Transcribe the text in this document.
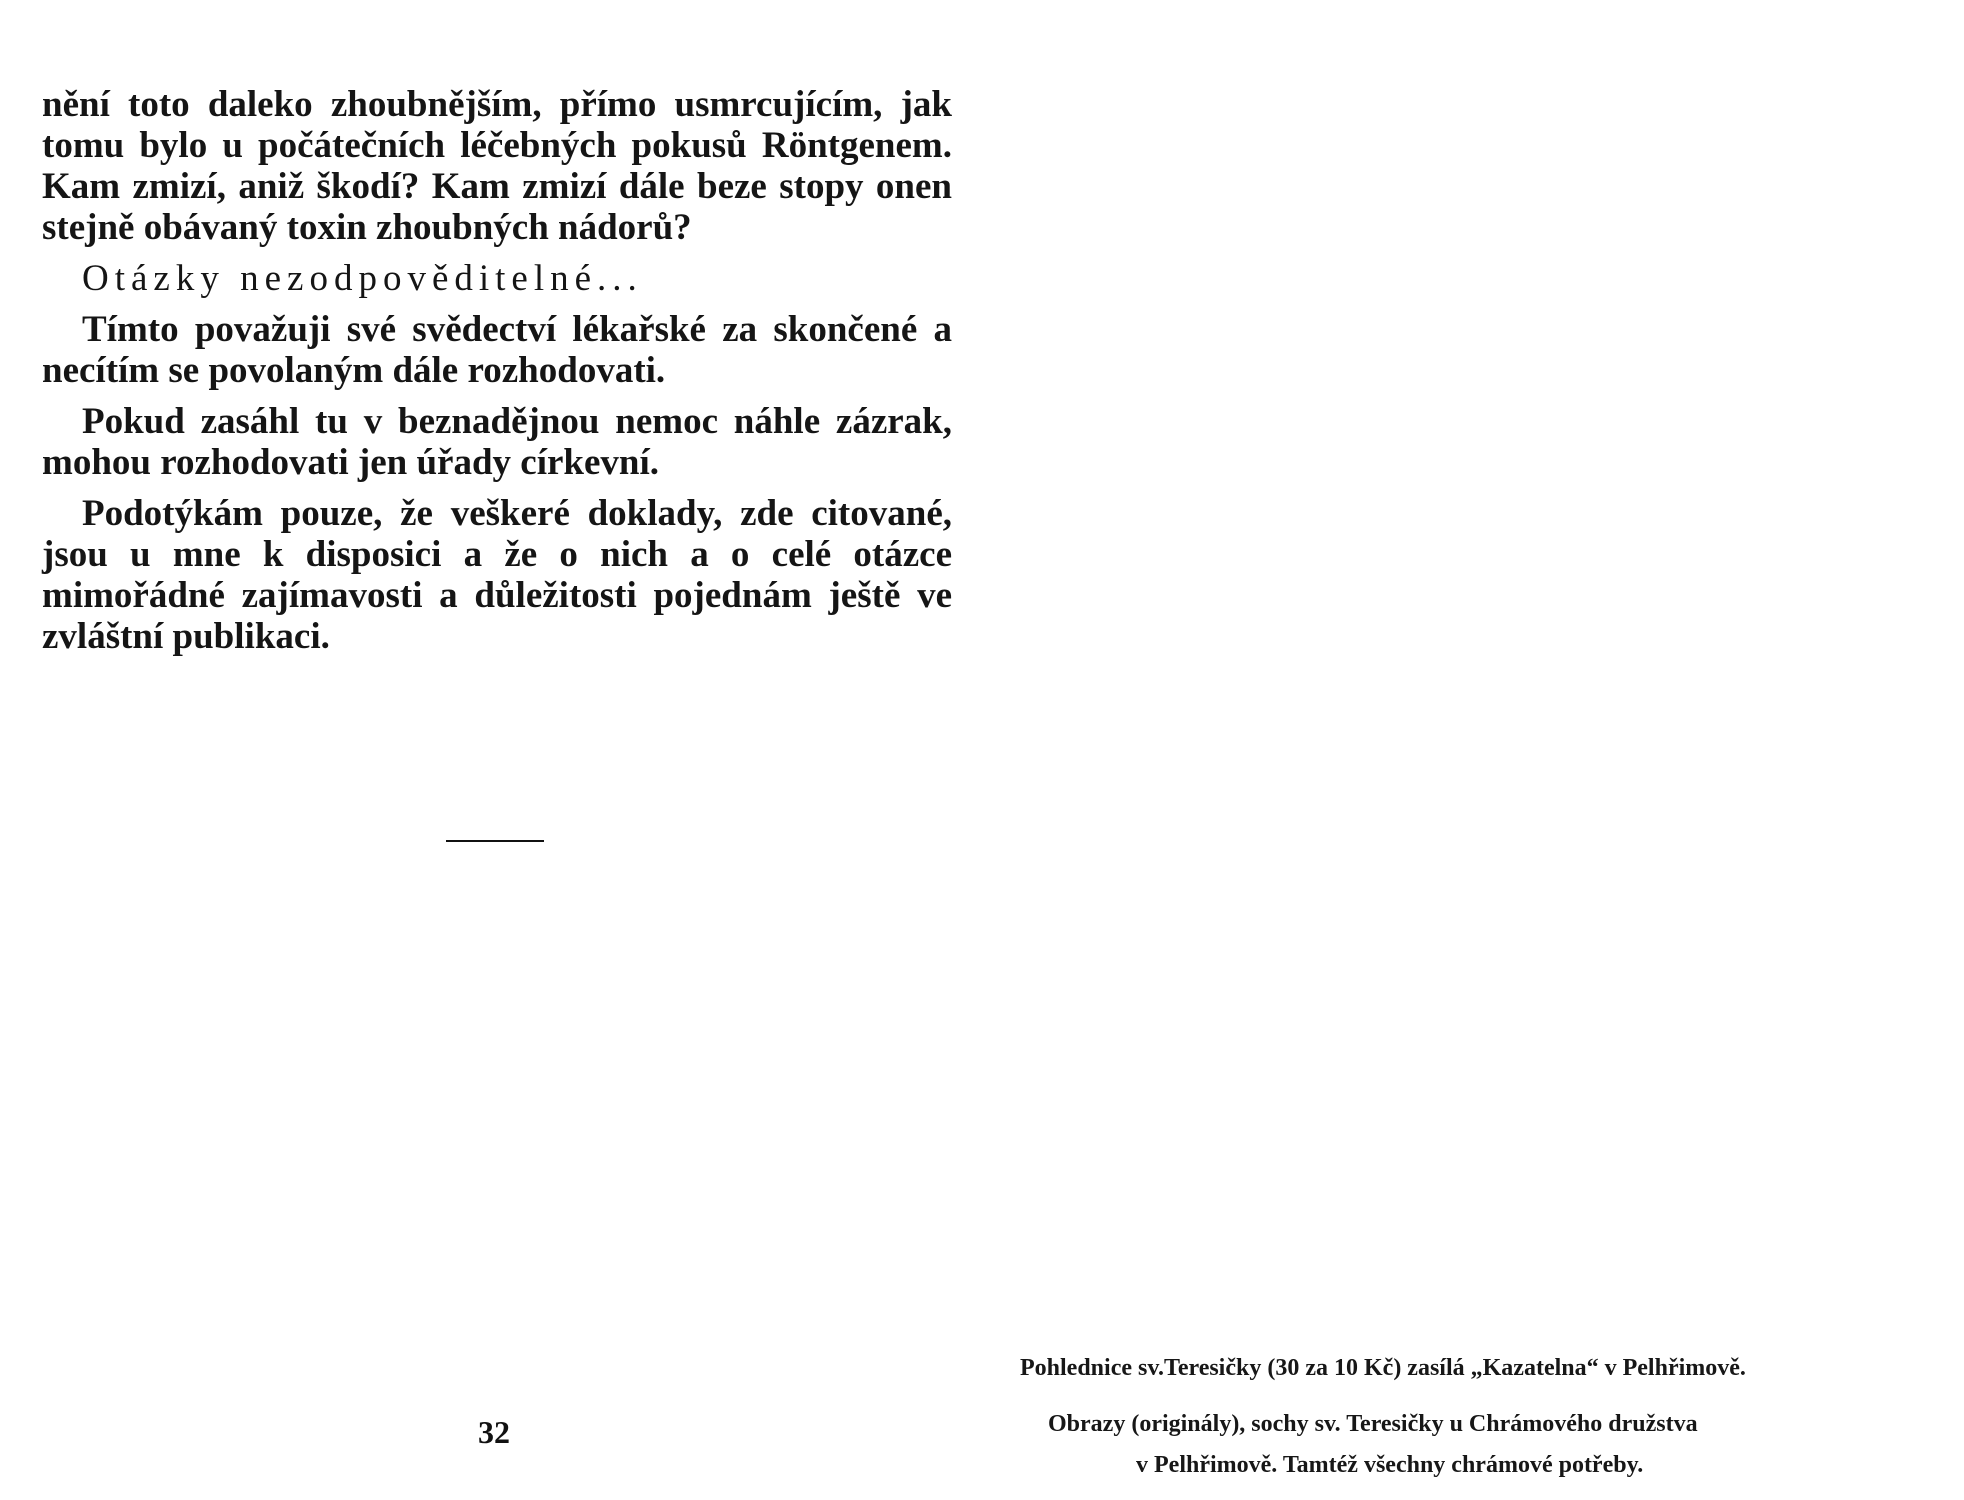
nění toto daleko zhoubnějším, přímo usmrcujícím, jak tomu bylo u počátečních léčebných pokusů Röntgenem. Kam zmizí, aniž škodí? Kam zmizí dále beze stopy onen stejně obávaný toxin zhoubných nádorů?

Otázky nezodpověditelné...

Tímto považuji své svědectví lékařské za skončené a necítím se povolaným dále rozhodovati.

Pokud zasáhl tu v beznadějnou nemoc náhle zázrak, mohou rozhodovati jen úřady církevní.

Podotýkám pouze, že veškeré doklady, zde citované, jsou u mne k disposici a že o nich a o celé otázce mimořádné zajímavosti a důležitosti pojednám ještě ve zvláštní publikaci.

32
Pohlednice sv.Teresičky (30 za 10 Kč) zasílá „Kazatelna“ v Pelhřimově.
Obrazy (originály), sochy sv. Teresičky u Chrámového družstva
v Pelhřimově. Tamtéž všechny chrámové potřeby.
